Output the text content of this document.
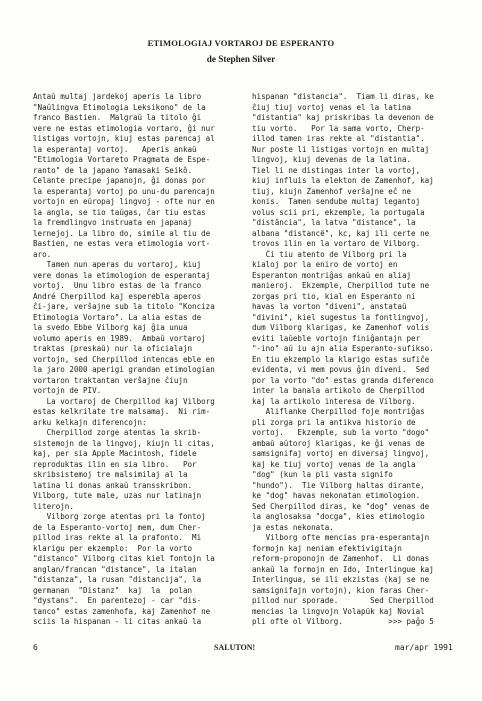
ETIMOLOGIAJ VORTAROJ DE ESPERANTO
de Stephen Silver
Antaŭ multaj jardekoj aperis la libro
"Naŭlingva Etimologia Leksikono" de la
franco Bastien.  Malgraŭ la titolo ĝi
vere ne estas etimologia vortaro, ĝi nur
listigas vortojn, kiuj estas parencaj al
la esperantaj vortoj.   Aperis ankaŭ
"Etimologia Vortareto Pragmata de Espe-
ranto" de la japano Yamasaki Seikô.
Celante precipe japanojn, ĝi donas por
la esperantaj vortoj po unu-du parencajn
vortojn en eŭropaj lingvoj - ofte nur en
la angla, se tio taŭgas, ĉar tiu estas
la fremdlingvo instruata en japanaj
lernejoj. La libro do, simile al tiu de
Bastien, ne estas vera etimologia vort-
aro.
Tamen nun aperas du vortaroj, kiuj
vere donas la etimologion de esperantaj
vortoj.  Unu libro estas de la franco
André Cherpillod kaj esperebla aperos
ĉi-jare, verŝajne sub la titolo "Konciza
Etimologia Vortaro". La alia estas de
la svedo Ebbe Vilborg kaj ĝia unua
volumo aperis en 1989.  Ambaŭ vortaroj
traktas (preskaŭ) nur la oficialajn
vortojn, sed Cherpillod intencas eble en
la jaro 2000 aperigi grandan etimologian
vortaron traktantan verŝajne ĉiujn
vortojn de PIV.
La vortaroj de Cherpillod kaj Vilborg
estas kelkrilate tre malsamaj.  Ni rim-
arku kelkajn diferencojn:
Cherpillod zorge atentas la skrib-
sistemojn de la lingvoj, kiujn li citas,
kaj, per sia Apple Macintosh, fidele
reproduktas ilin en sia libro.   Por
skribsistemoj tre malsimilaj al la
latina li donas ankaŭ transskribon.
Vilborg, tute male, uzas nur latinajn
literojn.
Vilborg zorge atentas pri la fontoj
de la Esperanto-vortoj mem, dum Cher-
pillod iras rekte al la prafonto.  Mi
klarigu per ekzemplo:  Por la vorto
"distanco" Vilborg citas kiel fontojn la
anglan/francan "distance", la italan
"distanza", la rusan "distancija", la
germanan  "Distanz"  kaj  la  polan
"dystans".  En parentezoj - car "dis-
tanco" estas zamenhofa, kaj Zamenhof ne
sciis la hispanan - li citas ankaŭ la
hispanan "distancia".  Tiam li diras, ke
ĉiuj tiuj vortoj venas el la latina
"distantia" kaj priskribas la devenon de
tiu vorto.   Por la sama vorto, Cherp-
illod tamen iras rekte al "distantia".
Nur poste li listigas vortojn en multaj
lingvoj, kiuj devenas de la latina.
Tiel li ne distingas inter la vortoj,
kiuj influis la elekton de Zamenhof, kaj
tiuj, kiujn Zamenhof verŝajne eĉ ne
konis.  Tamen sendube multaj legantoj
volus scii pri, ekzemple, la portugala
"distância", la latva "distance", la
albana "distancë", kc, kaj ili certe ne
trovos ilin en la vortaro de Vilborg.
Ĉi tiu atento de Vilborg pri la
kialoj por la eniro de vortoj en
Esperanton montriĝas ankaŭ en aliaj
manieroj.  Ekzemple, Cherpillod tute ne
zorgas pri tio, kial en Esperanto ni
havas la vorton "diveni", anstataŭ
"divini", kiel sugestus la fontlingvoj,
dum Vilborg klarigas, ke Zamenhof volis
eviti laŭeble vortojn finiĝantajn per
"-ino" aŭ iu ajn alia Esperanto-sufikso.
En tiu ekzemplo la klarigo estas sufiĉe
evidenta, vi mem povus ĝin diveni.  Sed
por la vorto "do" estas granda diferenco
inter la banala artikolo de Cherpillod
kaj la artikolo interesa de Vilborg.
Aliflanke Cherpillod foje montriĝas
pli zorga pri la antikva historio de
vortoj.   Ekzemple, sub la vorto "dogo"
ambaŭ aŭtoroj klarigas, ke ĝi venas de
samsignifaj vortoj en diversaj lingvoj,
kaj ke tiuj vortoj venas de la angla
"dog" (kun la pli vasta signifo
"hundo").  Tie Vilborg haltas dirante,
ke "dog" havas nekonatan etimologion.
Sed Cherpillod diras, ke "dog" venas de
la anglosaksa "docga", kies etimologio
ja estas nekonata.
Vilborg ofte mencias pra-esperantajn
formojn kaj neniam efektivigitajn
reform-proponojn de Zamenhof.  Li donas
ankaŭ la formojn en Ido, Interlingue kaj
Interlingua, se ili ekzistas (kaj se ne
samsignifajn vortojn), kion faras Cher-
pillod nur sporade.       Sed Cherpillod
mencias la lingvojn Volapük kaj Novial
pli ofte ol Vilborg.          >>> paĝo 5
6	SALUTON!	mar/apr 1991
